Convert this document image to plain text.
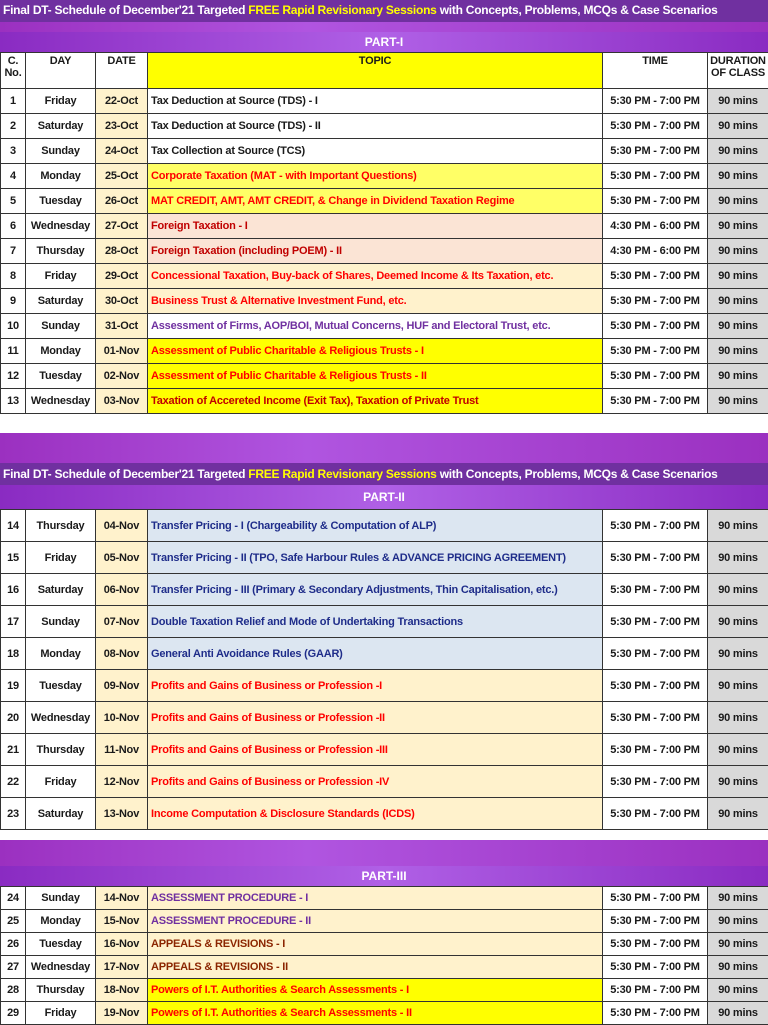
Final DT- Schedule of December'21 Targeted FREE Rapid Revisionary Sessions with Concepts, Problems, MCQs & Case Scenarios
PART-I
C.
No.	DAY	DATE	TOPIC	TIME	DURATION
OF CLASS
1	Friday	22-Oct	Tax Deduction at Source (TDS) - I	5:30 PM - 7:00 PM	90 mins
2	Saturday	23-Oct	Tax Deduction at Source (TDS) - II	5:30 PM - 7:00 PM	90 mins
3	Sunday	24-Oct	Tax Collection at Source (TCS)	5:30 PM - 7:00 PM	90 mins
4	Monday	25-Oct	Corporate Taxation (MAT - with Important Questions)	5:30 PM - 7:00 PM	90 mins
5	Tuesday	26-Oct	MAT CREDIT, AMT, AMT CREDIT, & Change in Dividend Taxation Regime	5:30 PM - 7:00 PM	90 mins
6	Wednesday	27-Oct	Foreign Taxation - I	4:30 PM - 6:00 PM	90 mins
7	Thursday	28-Oct	Foreign Taxation (including POEM) - II	4:30 PM - 6:00 PM	90 mins
8	Friday	29-Oct	Concessional Taxation, Buy-back of Shares, Deemed Income & Its Taxation, etc.	5:30 PM - 7:00 PM	90 mins
9	Saturday	30-Oct	Business Trust & Alternative Investment Fund, etc.	5:30 PM - 7:00 PM	90 mins
10	Sunday	31-Oct	Assessment of Firms, AOP/BOI, Mutual Concerns, HUF and Electoral Trust, etc.	5:30 PM - 7:00 PM	90 mins
11	Monday	01-Nov	Assessment of Public Charitable & Religious Trusts - I	5:30 PM - 7:00 PM	90 mins
12	Tuesday	02-Nov	Assessment of Public Charitable & Religious Trusts - II	5:30 PM - 7:00 PM	90 mins
13	Wednesday	03-Nov	Taxation of Accereted Income (Exit Tax), Taxation of Private Trust	5:30 PM - 7:00 PM	90 mins
Final DT- Schedule of December'21 Targeted FREE Rapid Revisionary Sessions with Concepts, Problems, MCQs & Case Scenarios
PART-II
14	Thursday	04-Nov	Transfer Pricing - I (Chargeability & Computation of ALP)	5:30 PM - 7:00 PM	90 mins
15	Friday	05-Nov	Transfer Pricing - II (TPO, Safe Harbour Rules & ADVANCE PRICING AGREEMENT)	5:30 PM - 7:00 PM	90 mins
16	Saturday	06-Nov	Transfer Pricing - III (Primary & Secondary Adjustments, Thin Capitalisation, etc.)	5:30 PM - 7:00 PM	90 mins
17	Sunday	07-Nov	Double Taxation Relief and Mode of Undertaking Transactions	5:30 PM - 7:00 PM	90 mins
18	Monday	08-Nov	General Anti Avoidance Rules (GAAR)	5:30 PM - 7:00 PM	90 mins
19	Tuesday	09-Nov	Profits and Gains of Business or Profession -I	5:30 PM - 7:00 PM	90 mins
20	Wednesday	10-Nov	Profits and Gains of Business or Profession -II	5:30 PM - 7:00 PM	90 mins
21	Thursday	11-Nov	Profits and Gains of Business or Profession -III	5:30 PM - 7:00 PM	90 mins
22	Friday	12-Nov	Profits and Gains of Business or Profession -IV	5:30 PM - 7:00 PM	90 mins
23	Saturday	13-Nov	Income Computation & Disclosure Standards (ICDS)	5:30 PM - 7:00 PM	90 mins
PART-III
24	Sunday	14-Nov	ASSESSMENT PROCEDURE - I	5:30 PM - 7:00 PM	90 mins
25	Monday	15-Nov	ASSESSMENT PROCEDURE - II	5:30 PM - 7:00 PM	90 mins
26	Tuesday	16-Nov	APPEALS & REVISIONS - I	5:30 PM - 7:00 PM	90 mins
27	Wednesday	17-Nov	APPEALS & REVISIONS - II	5:30 PM - 7:00 PM	90 mins
28	Thursday	18-Nov	Powers of I.T. Authorities & Search Assessments - I	5:30 PM - 7:00 PM	90 mins
29	Friday	19-Nov	Powers of I.T. Authorities & Search Assessments - II	5:30 PM - 7:00 PM	90 mins
